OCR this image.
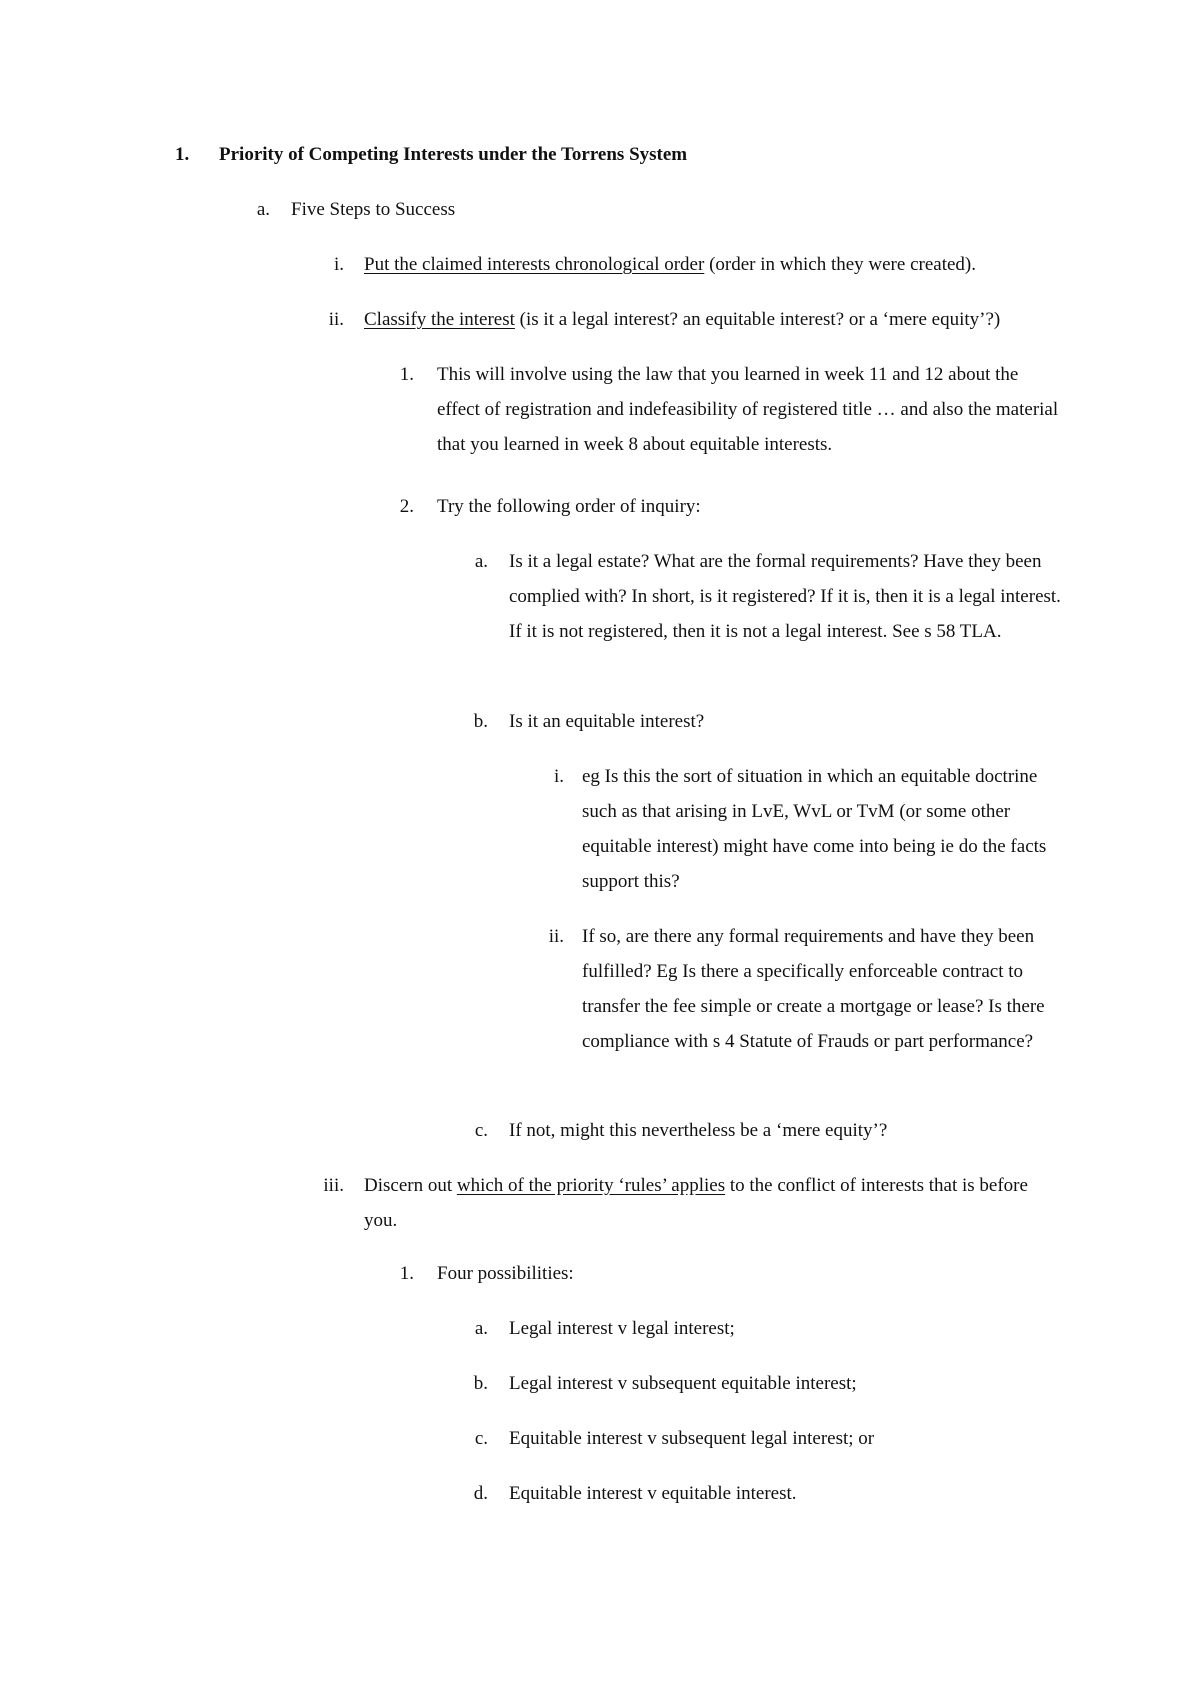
1.	Priority of Competing Interests under the Torrens System
a. Five Steps to Success
i. Put the claimed interests chronological order (order in which they were created).
ii. Classify the interest (is it a legal interest? an equitable interest? or a ‘mere equity’?)
1. This will involve using the law that you learned in week 11 and 12 about the effect of registration and indefeasibility of registered title … and also the material that you learned in week 8 about equitable interests.
2. Try the following order of inquiry:
a. Is it a legal estate? What are the formal requirements? Have they been complied with? In short, is it registered? If it is, then it is a legal interest. If it is not registered, then it is not a legal interest. See s 58 TLA.
b. Is it an equitable interest?
i. eg Is this the sort of situation in which an equitable doctrine such as that arising in LvE, WvL or TvM (or some other equitable interest) might have come into being ie do the facts support this?
ii. If so, are there any formal requirements and have they been fulfilled? Eg Is there a specifically enforceable contract to transfer the fee simple or create a mortgage or lease? Is there compliance with s 4 Statute of Frauds or part performance?
c. If not, might this nevertheless be a ‘mere equity’?
iii. Discern out which of the priority ‘rules’ applies to the conflict of interests that is before you.
1. Four possibilities:
a. Legal interest v legal interest;
b. Legal interest v subsequent equitable interest;
c. Equitable interest v subsequent legal interest; or
d. Equitable interest v equitable interest.
